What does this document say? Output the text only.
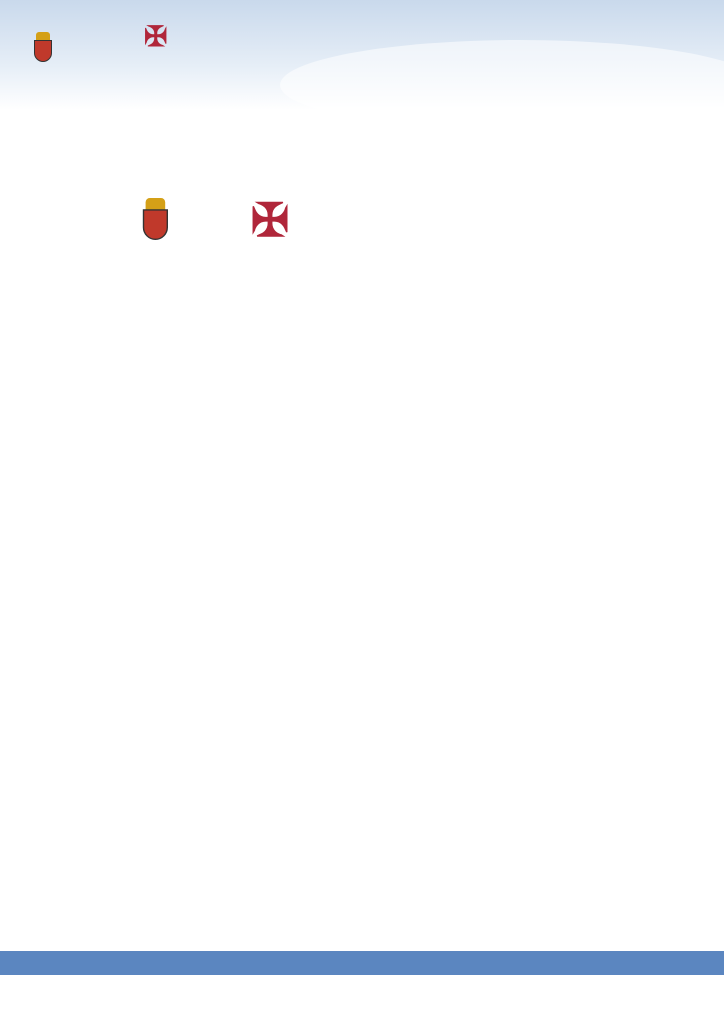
✠
✠
